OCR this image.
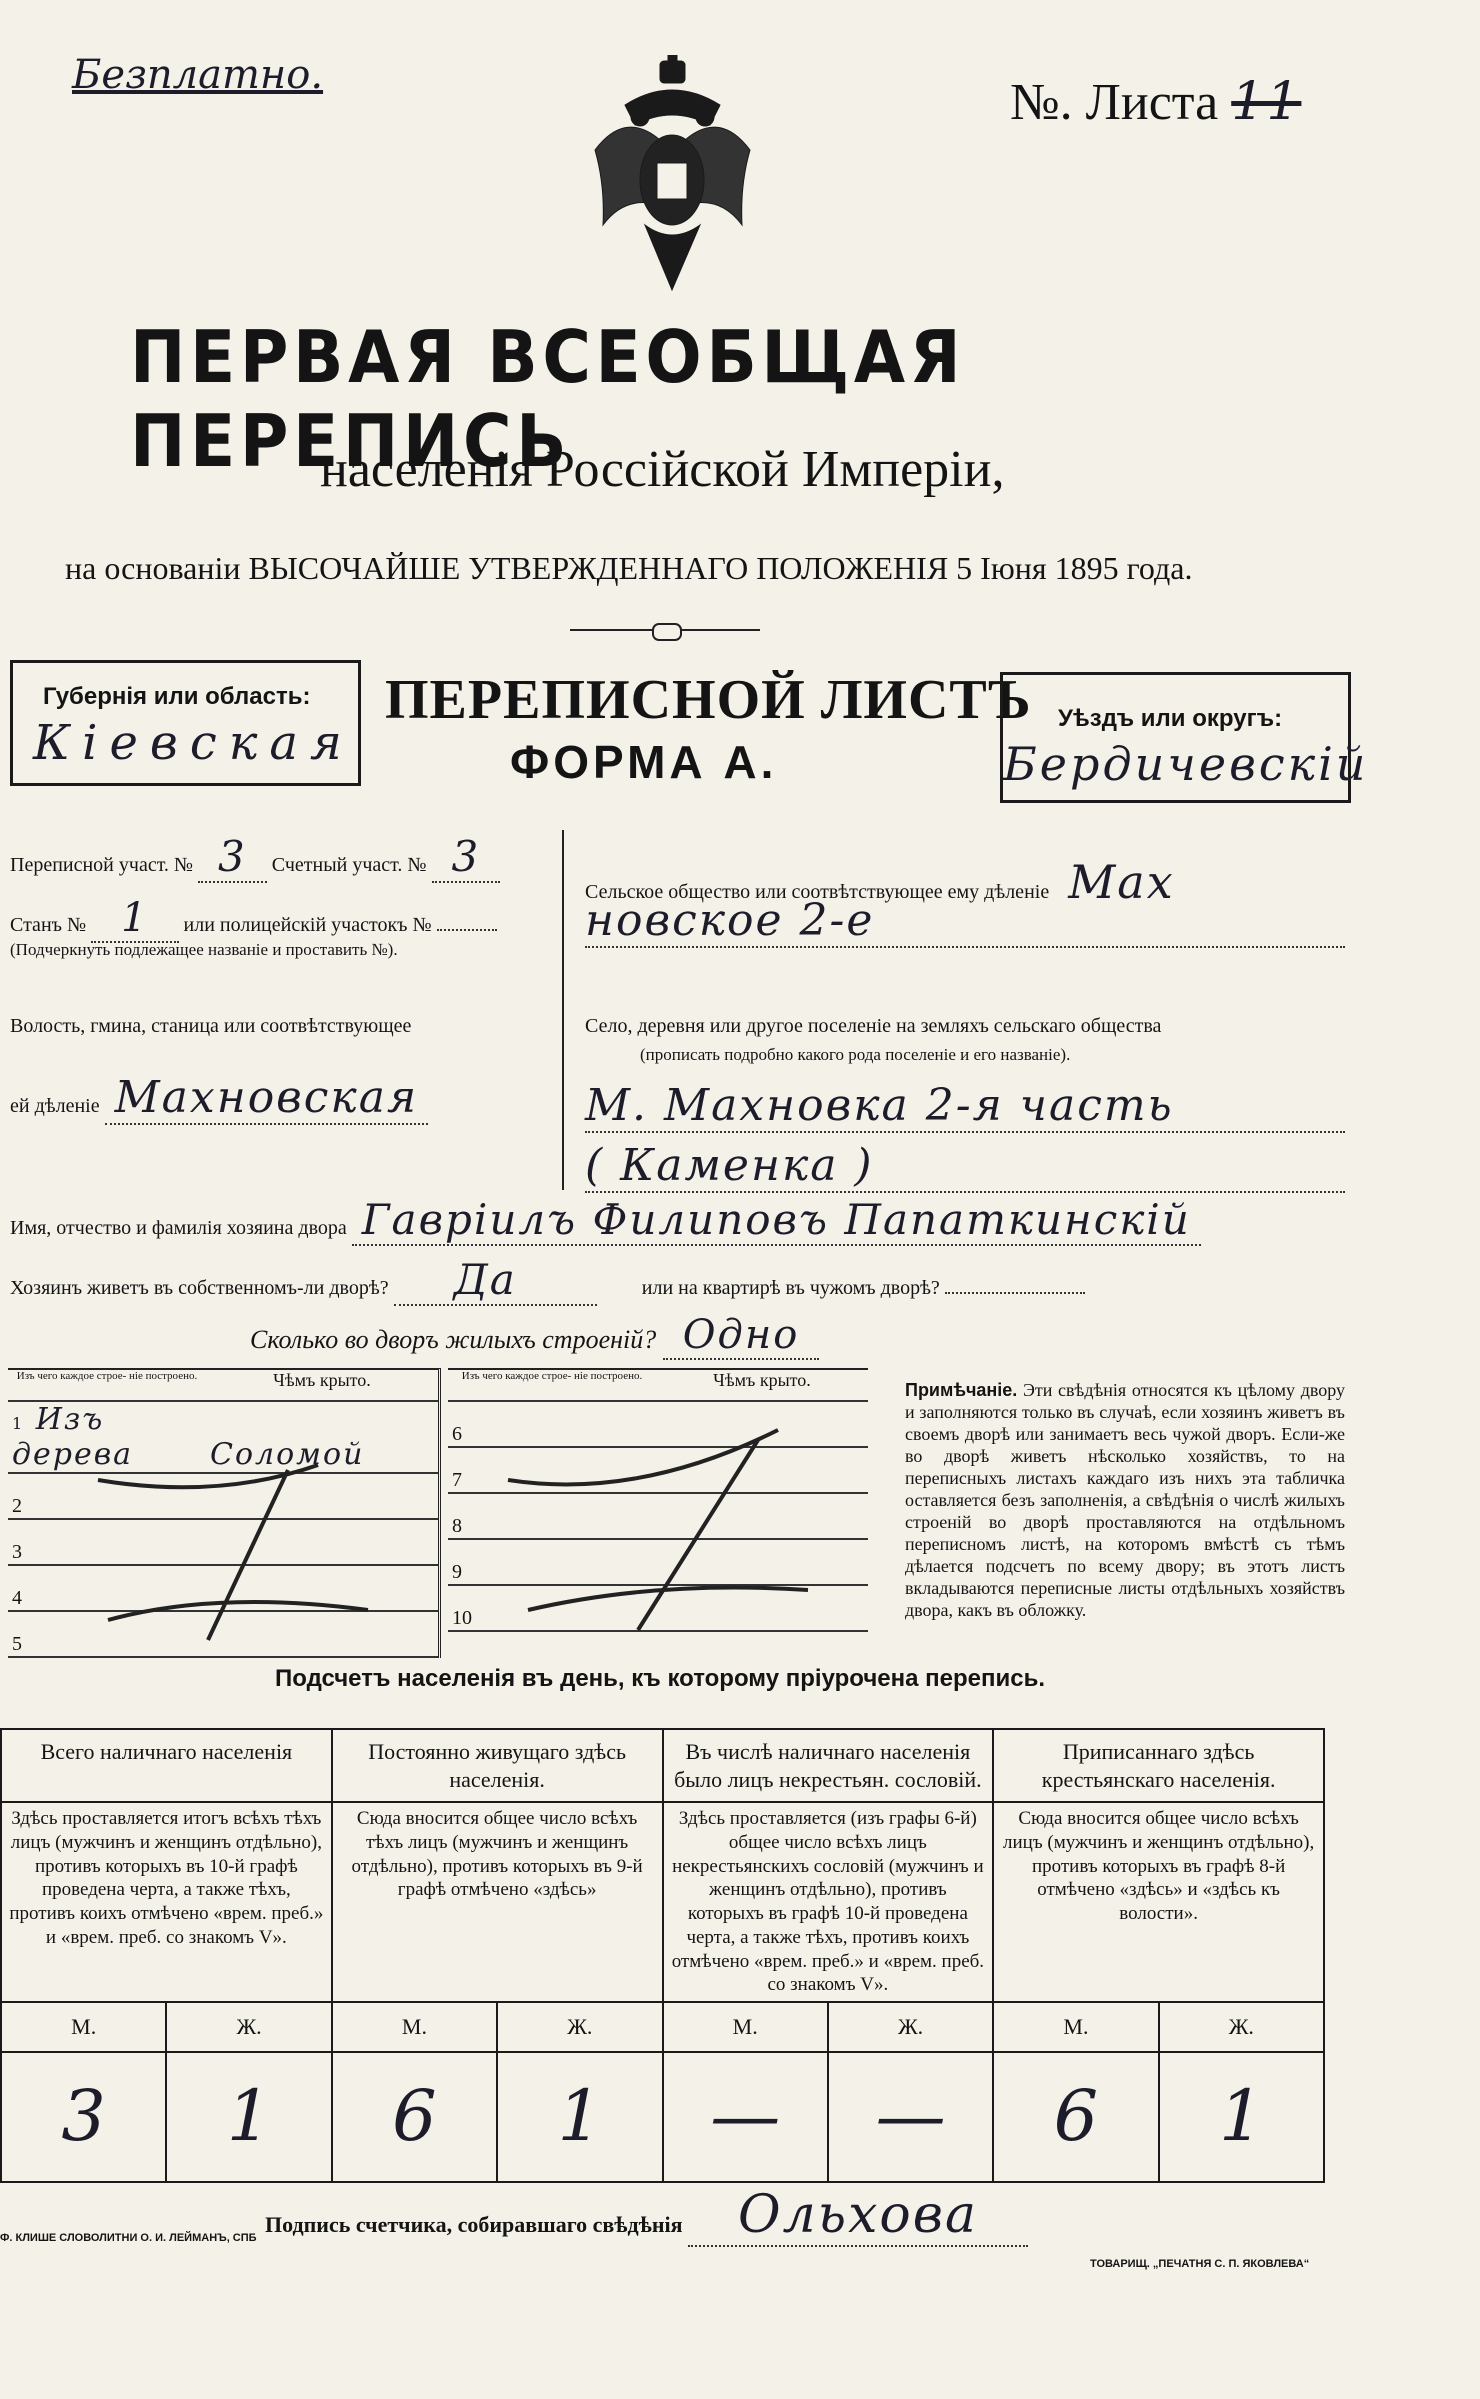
Безплатно.	№. Листа 11
ПЕРВАЯ ВСЕОБЩАЯ ПЕРЕПИСЬ
населенія Россійской Имперіи,
на основаніи ВЫСОЧАЙШЕ УТВЕРЖДЕННАГО ПОЛОЖЕНІЯ 5 Іюня 1895 года.
Губернія или область:
Кіевская
ПЕРЕПИСНОЙ ЛИСТЪ
ФОРМА А.
Уѣздъ или округъ:
Бердичевскій
Переписной участ. № 3 Счетный участ. № 3
Станъ № 1 или полицейскій участокъ №
(Подчеркнуть подлежащее названіе и проставить №).
Волость, гмина, станица или соотвѣтствующее
ей дѣленіе Махновская
Сельское общество или соотвѣтствующее ему дѣленіе Мах
новское 2-е
Село, деревня или другое поселеніе на земляхъ сельскаго общества
(прописать подробно какого рода поселеніе и его названіе).
М. Махновка 2-я часть
( Каменка )
Имя, отчество и фамилія хозяина двора Гавріилъ Филиповъ Папаткинскій
Хозяинъ живетъ въ собственномъ-ли дворѣ? Да	или на квартирѣ въ чужомъ дворѣ?
Сколько во дворъ жилыхъ строеній? Одно
Изъ чего каждое строе- ніе построено.	Чѣмъ крыто.
1 Изъ дерева	Соломой
2	
3	
4	
5	
Изъ чего каждое строе- ніе построено.	Чѣмъ крыто.
6	
7	
8	
9	
10	
Примѣчаніе. Эти свѣдѣнія относятся къ цѣлому двору и заполняются только въ случаѣ, если хозяинъ живетъ въ своемъ дворѣ или занимаетъ весь чужой дворъ. Если-же во дворѣ живетъ нѣсколько хозяйствъ, то на переписныхъ листахъ каждаго изъ нихъ эта табличка оставляется безъ заполненія, а свѣдѣнія о числѣ жилыхъ строеній во дворѣ проставляются на отдѣльномъ переписномъ листѣ, на которомъ вмѣстѣ съ тѣмъ дѣлается подсчетъ по всему двору; въ этотъ листъ вкладываются переписные листы отдѣльныхъ хозяйствъ двора, какъ въ обложку.
Подсчетъ населенія въ день, къ которому пріурочена перепись.
Всего наличнаго населенія		Постоянно живущаго здѣсь населенія.		Въ числѣ наличнаго населенія было лицъ некрестьян. сословій.		Приписаннаго здѣсь крестьянскаго населенія.	
Здѣсь проставляется итогъ всѣхъ тѣхъ лицъ (мужчинъ и женщинъ отдѣльно), противъ которыхъ въ 10-й графѣ проведена черта, а также тѣхъ, противъ коихъ отмѣчено «врем. преб.» и «врем. преб. со знакомъ V».		Сюда вносится общее число всѣхъ тѣхъ лицъ (мужчинъ и женщинъ отдѣльно), противъ которыхъ въ 9-й графѣ отмѣчено «здѣсь»		Здѣсь проставляется (изъ графы 6-й) общее число всѣхъ лицъ некрестьянскихъ сословій (мужчинъ и женщинъ отдѣльно), противъ которыхъ въ графѣ 10-й проведена черта, а также тѣхъ, противъ коихъ отмѣчено «врем. преб.» и «врем. преб. со знакомъ V».		Сюда вносится общее число всѣхъ лицъ (мужчинъ и женщинъ отдѣльно), противъ которыхъ въ графѣ 8-й отмѣчено «здѣсь» и «здѣсь къ волости».	
М.	Ж.	М.	Ж.	М.	Ж.	М.	Ж.
3	1	6	1	—	—	6	1
Подпись счетчика, собиравшаго свѣдѣнія Ольхова
Ф. КЛИШЕ СЛОВОЛИТНИ О. И. ЛЕЙМАНЪ, СПБ
ТОВАРИЩ. „ПЕЧАТНЯ С. П. ЯКОВЛЕВА“
